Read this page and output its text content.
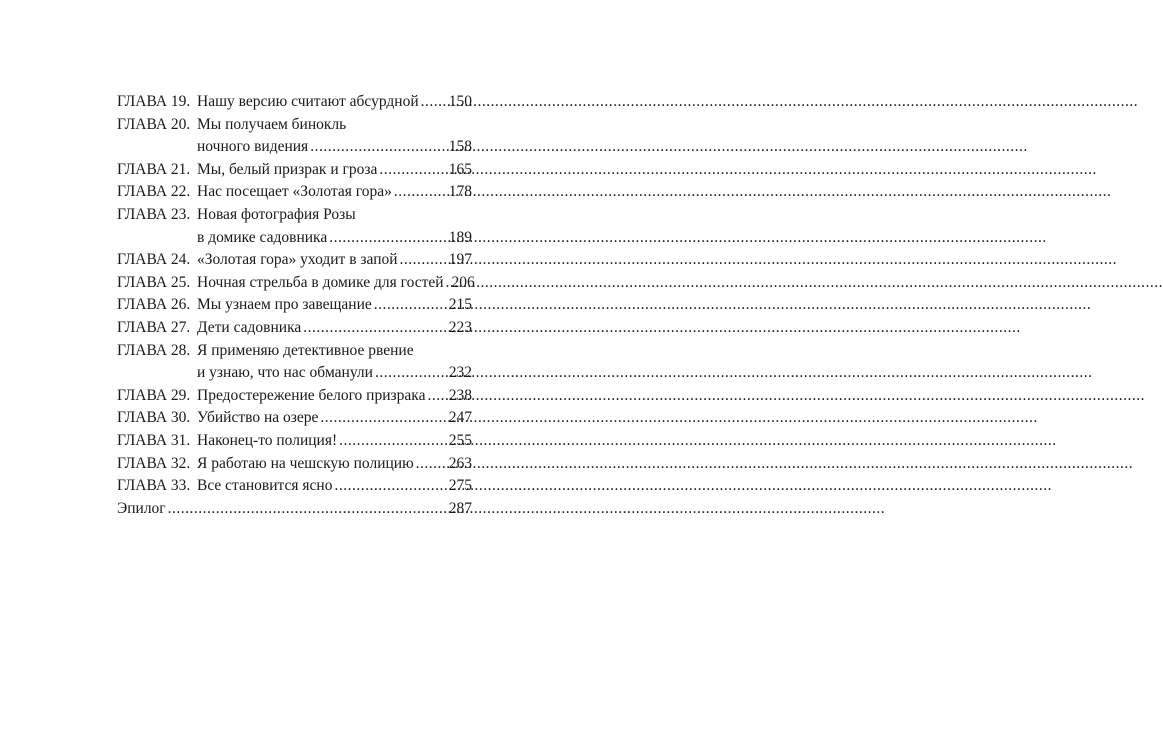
ГЛАВА 19. Нашу версию считают абсурдной ..... 150
ГЛАВА 20. Мы получаем бинокль
ночного видения .....	158
ГЛАВА 21. Мы, белый призрак и гроза .....	165
ГЛАВА 22. Нас посещает «Золотая гора» .....	178
ГЛАВА 23. Новая фотография Розы
в домике садовника .....	189
ГЛАВА 24. «Золотая гора» уходит в запой .....	197
ГЛАВА 25. Ночная стрельба в домике для гостей ..... 206
ГЛАВА 26. Мы узнаем про завещание .....	215
ГЛАВА 27. Дети садовника .....	223
ГЛАВА 28. Я применяю детективное рвение
и узнаю, что нас обманули .....	232
ГЛАВА 29. Предостережение белого призрака ..... 238
ГЛАВА 30. Убийство на озере .....	247
ГЛАВА 31. Наконец-то полиция! .....	255
ГЛАВА 32. Я работаю на чешскую полицию ..... 263
ГЛАВА 33. Все становится ясно .....	275
Эпилог .....	287
